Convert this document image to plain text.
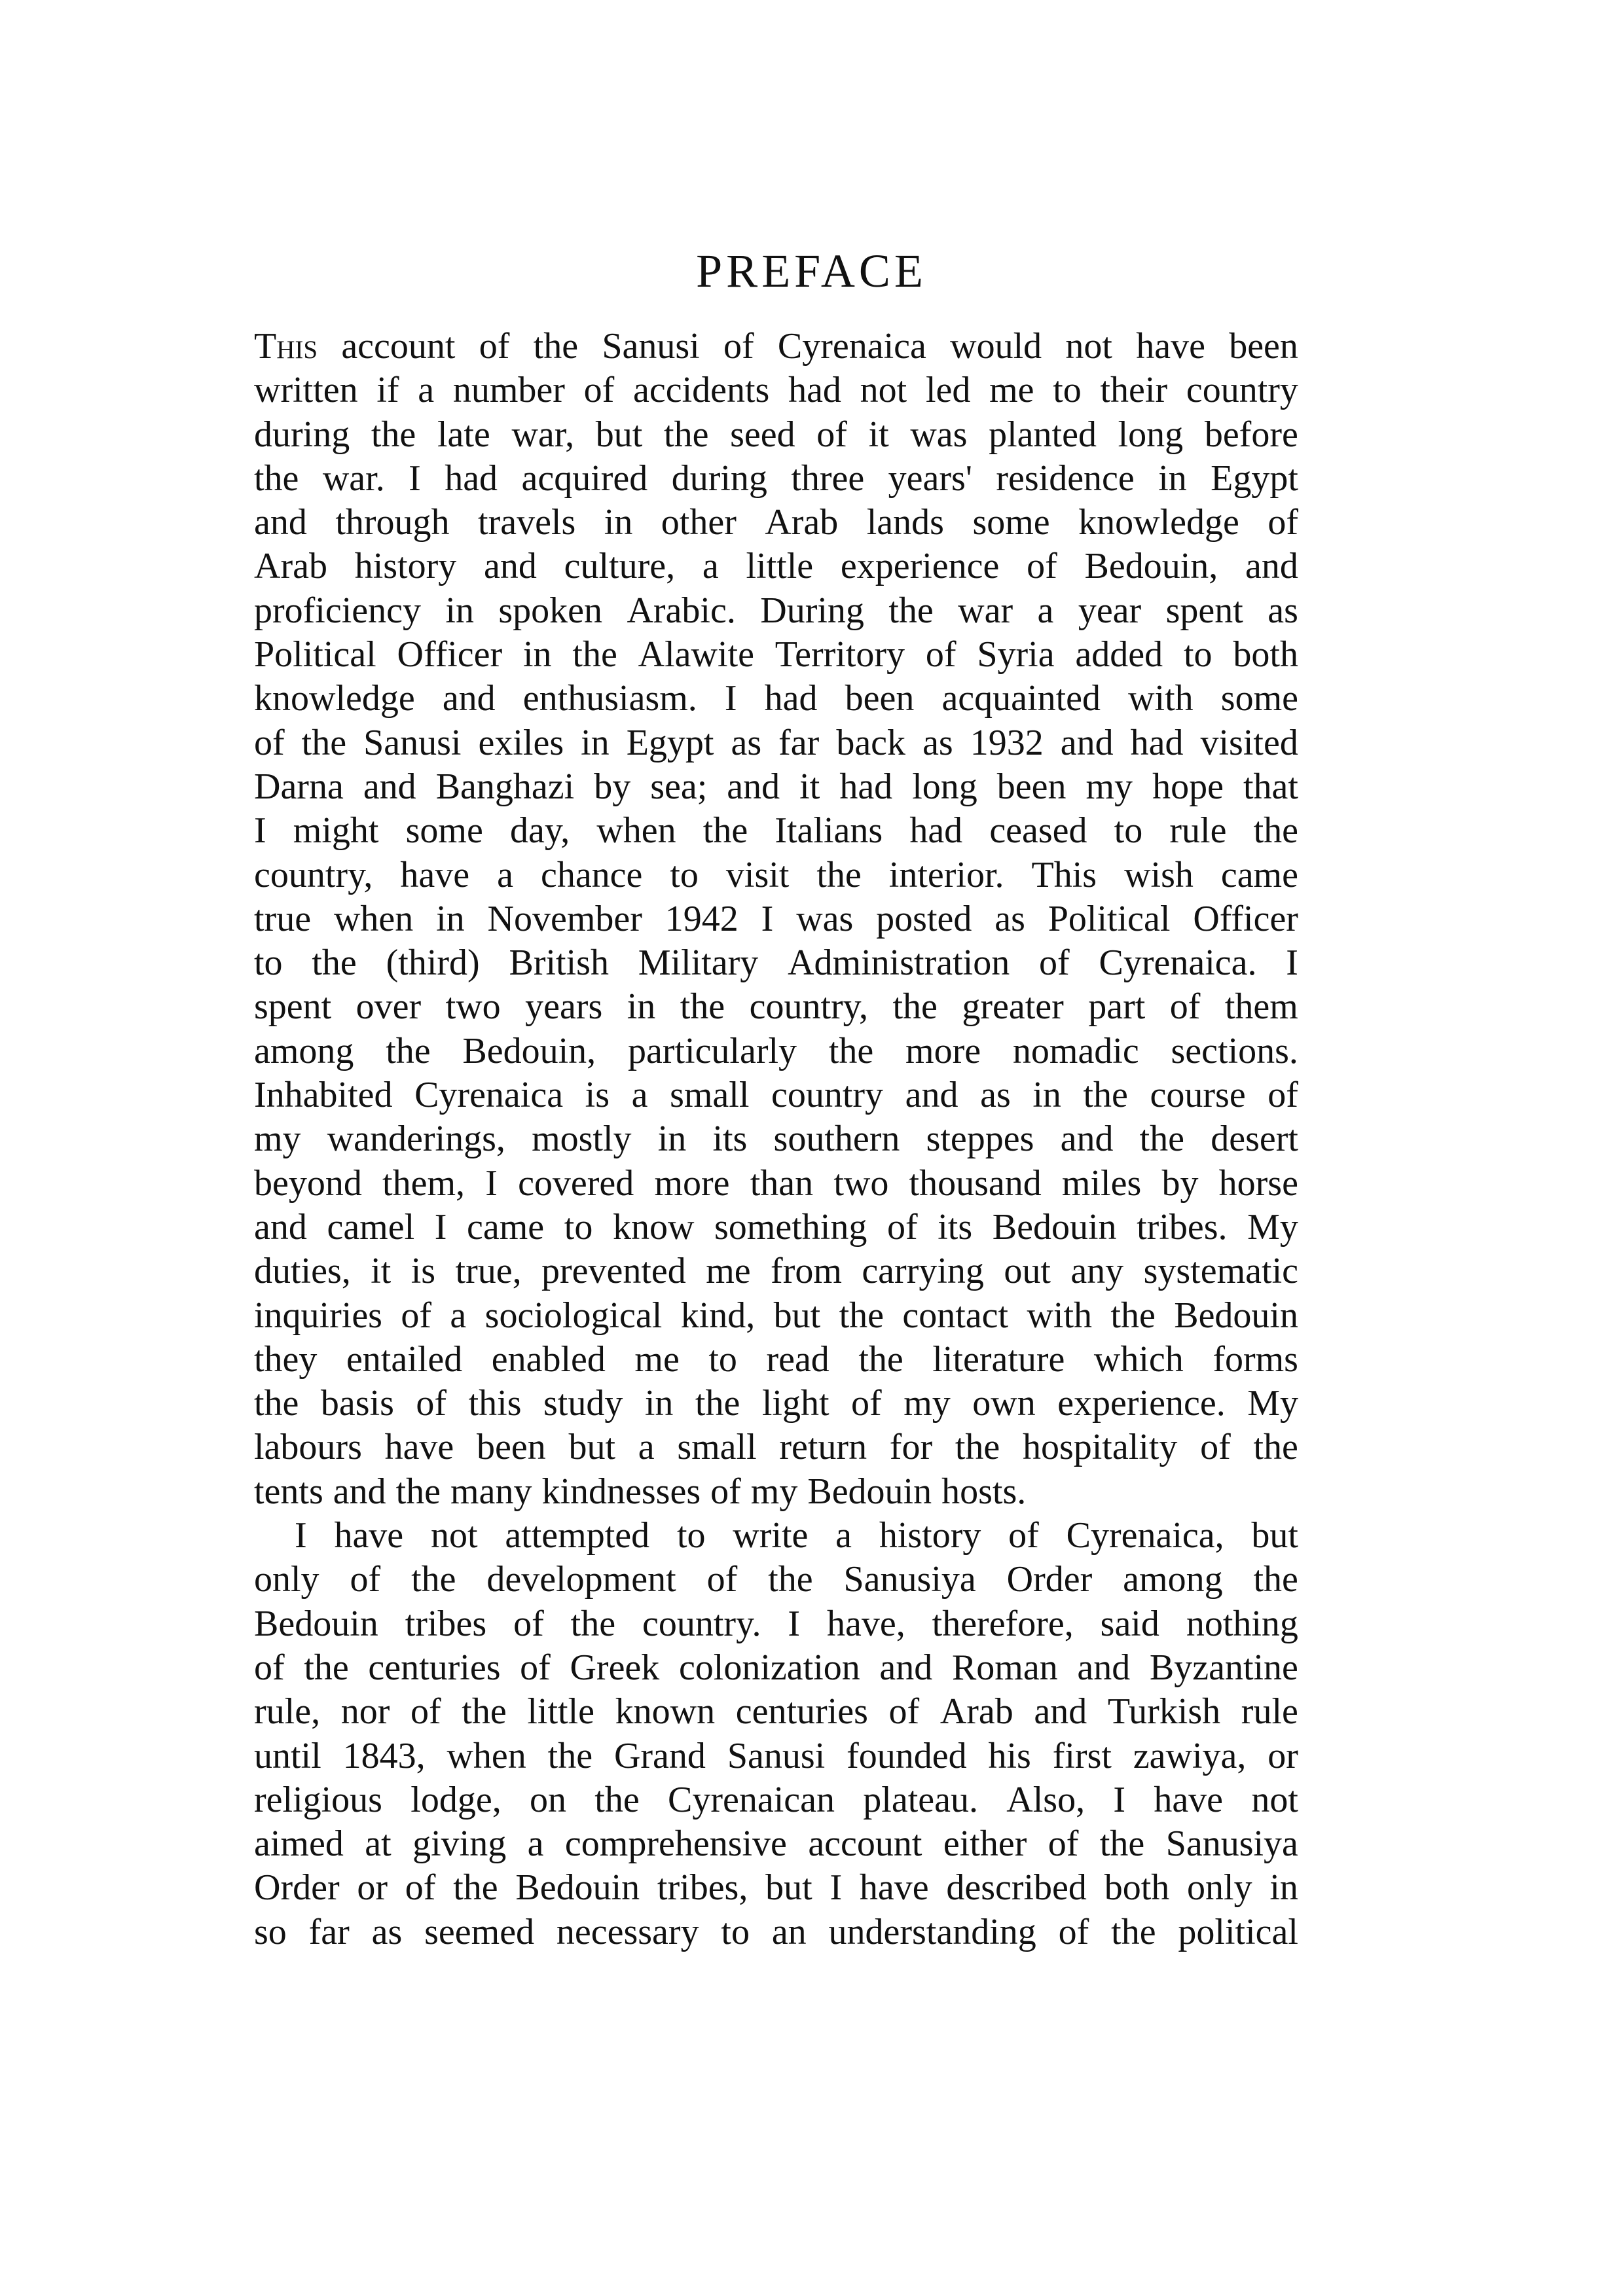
PREFACE
This account of the Sanusi of Cyrenaica would not have been
written if a number of accidents had not led me to their country
during the late war, but the seed of it was planted long before
the war. I had acquired during three years' residence in Egypt
and through travels in other Arab lands some knowledge of
Arab history and culture, a little experience of Bedouin, and
proficiency in spoken Arabic. During the war a year spent as
Political Officer in the Alawite Territory of Syria added to both
knowledge and enthusiasm. I had been acquainted with some
of the Sanusi exiles in Egypt as far back as 1932 and had visited
Darna and Banghazi by sea; and it had long been my hope that
I might some day, when the Italians had ceased to rule the
country, have a chance to visit the interior. This wish came
true when in November 1942 I was posted as Political Officer
to the (third) British Military Administration of Cyrenaica. I
spent over two years in the country, the greater part of them
among the Bedouin, particularly the more nomadic sections.
Inhabited Cyrenaica is a small country and as in the course of
my wanderings, mostly in its southern steppes and the desert
beyond them, I covered more than two thousand miles by horse
and camel I came to know something of its Bedouin tribes. My
duties, it is true, prevented me from carrying out any systematic
inquiries of a sociological kind, but the contact with the Bedouin
they entailed enabled me to read the literature which forms
the basis of this study in the light of my own experience. My
labours have been but a small return for the hospitality of the
tents and the many kindnesses of my Bedouin hosts.
I have not attempted to write a history of Cyrenaica, but
only of the development of the Sanusiya Order among the
Bedouin tribes of the country. I have, therefore, said nothing
of the centuries of Greek colonization and Roman and Byzantine
rule, nor of the little known centuries of Arab and Turkish rule
until 1843, when the Grand Sanusi founded his first zawiya, or
religious lodge, on the Cyrenaican plateau. Also, I have not
aimed at giving a comprehensive account either of the Sanusiya
Order or of the Bedouin tribes, but I have described both only in
so far as seemed necessary to an understanding of the political
